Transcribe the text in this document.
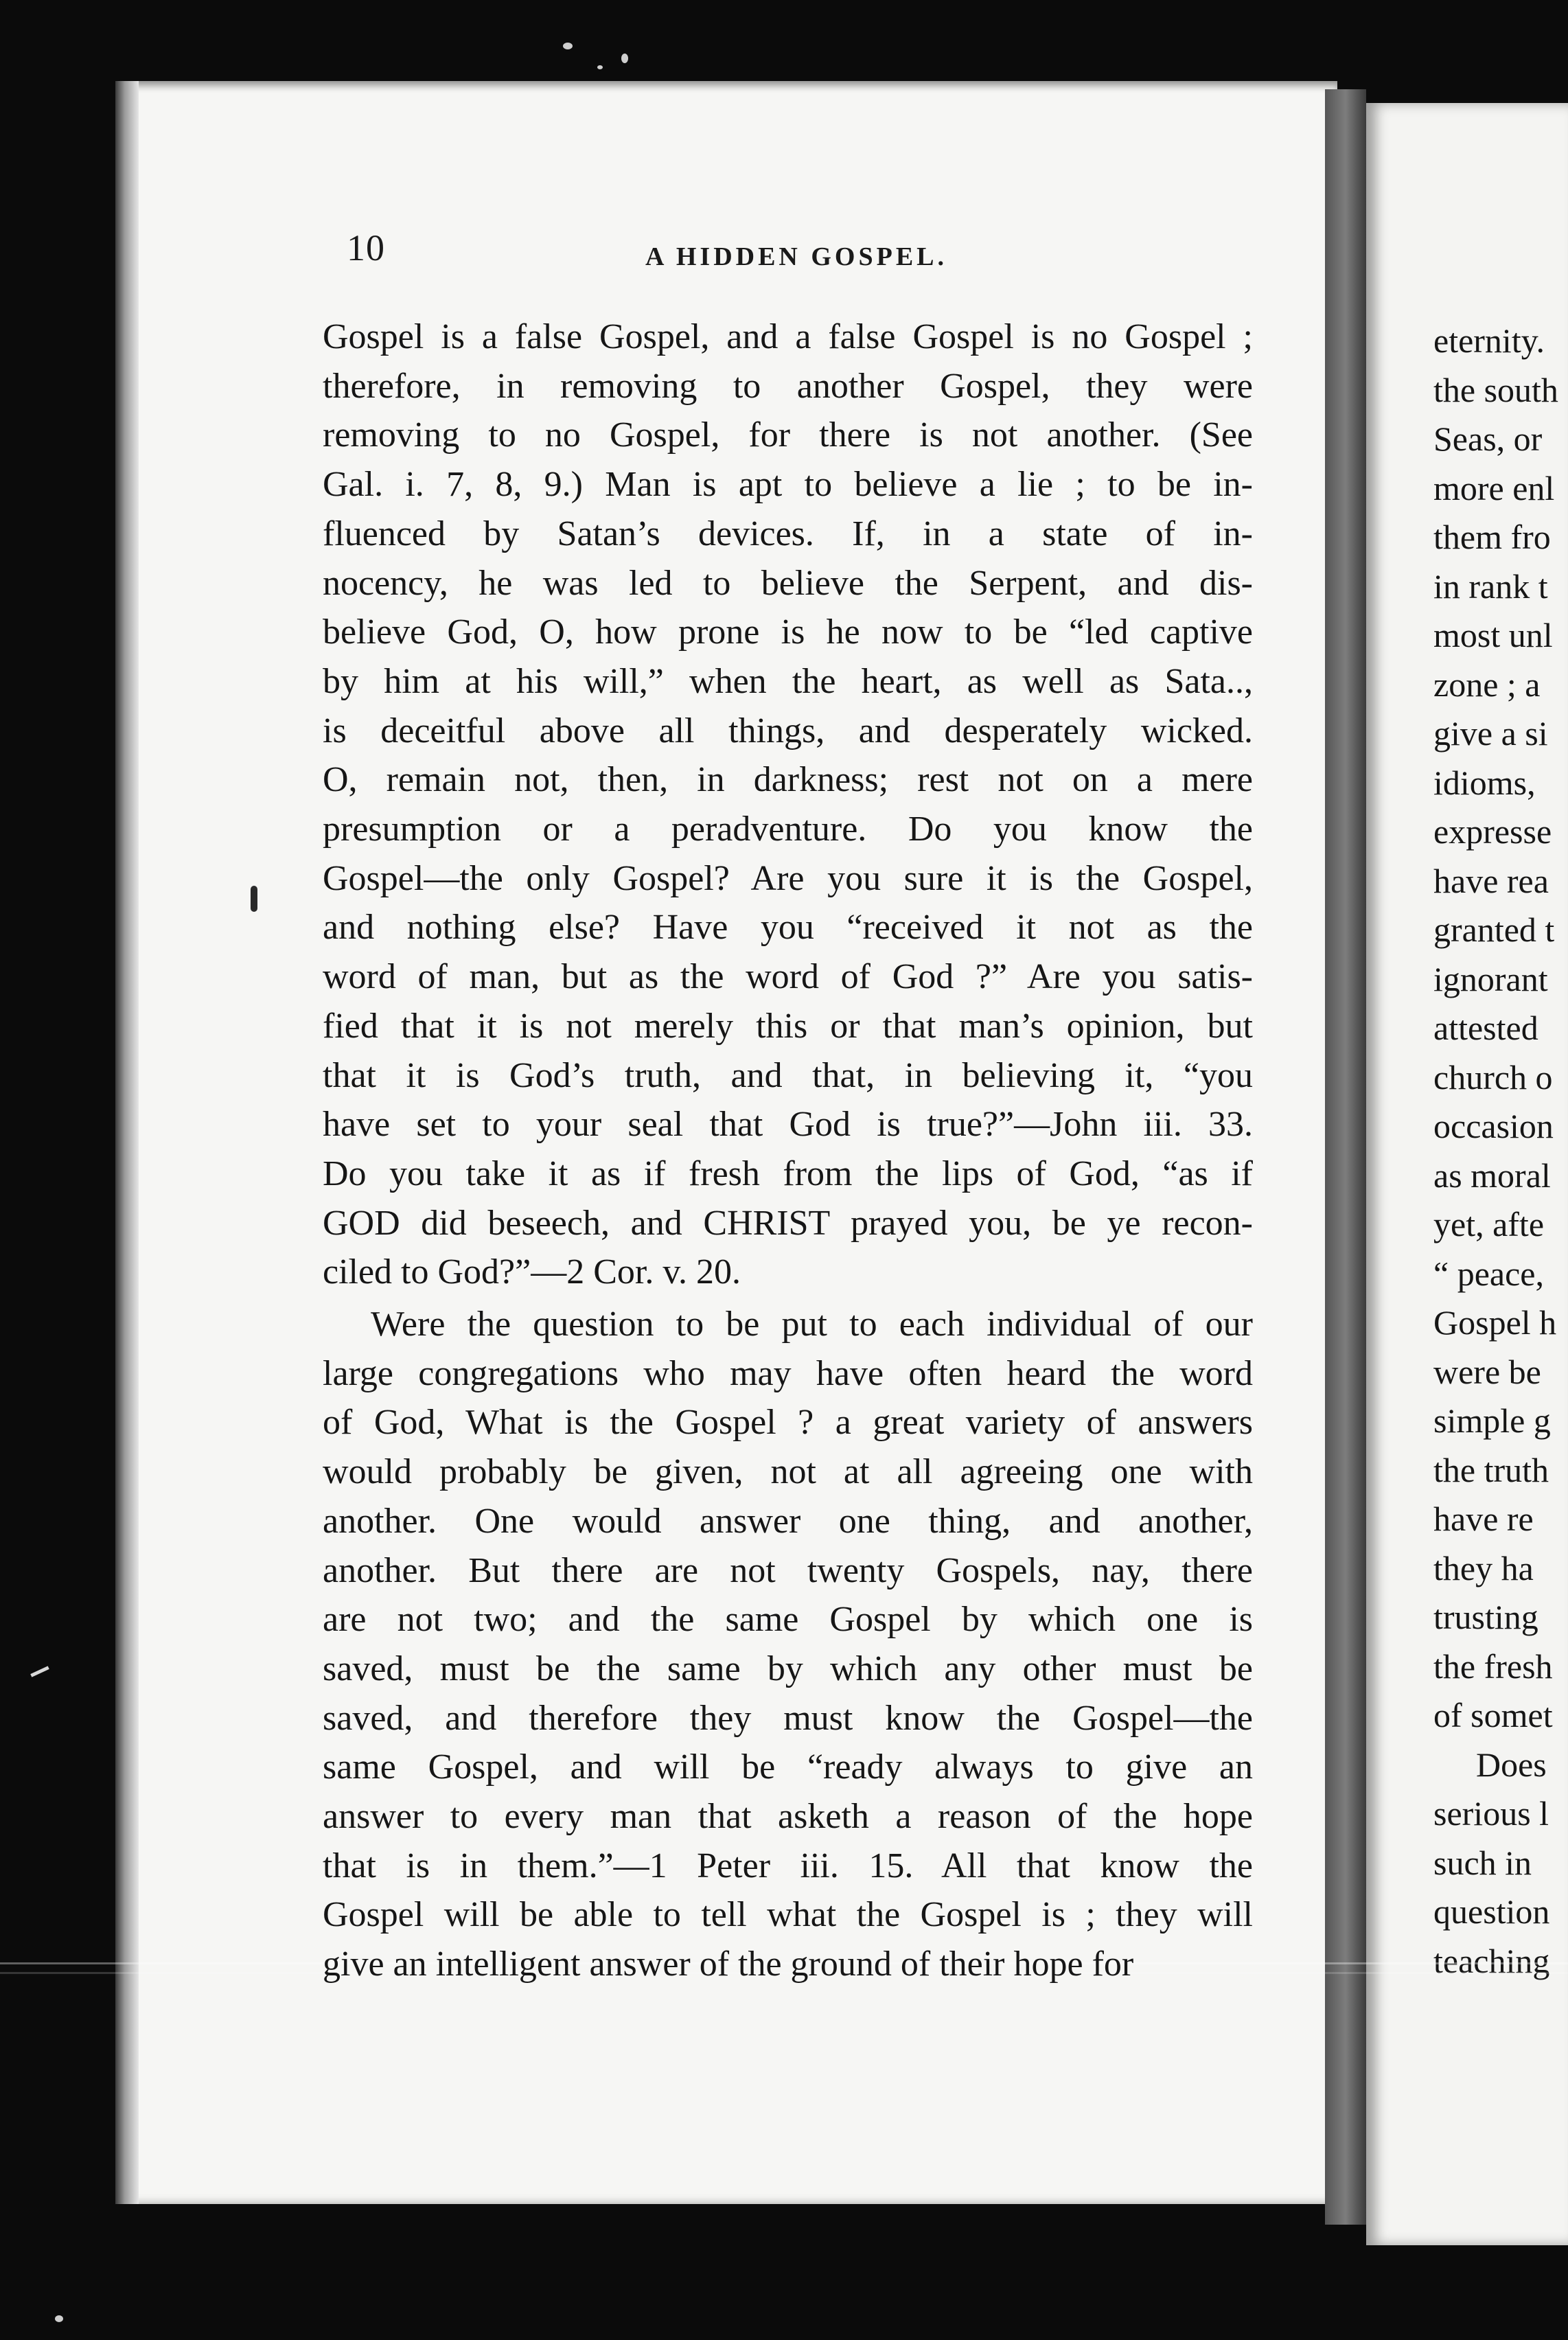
eternity.
the south
Seas, or
more enl
them fro
in rank t
most unl
zone ; a
give a si
idioms,
expresse
have rea
granted t
ignorant
attested
church o
occasion
as moral
yet, afte
“ peace,
Gospel h
were be
simple g
the truth
have re
they ha
trusting
the fresh
of somet
Does
serious l
such in
question
teaching
10	A HIDDEN GOSPEL.
Gospel is a false Gospel, and a false Gospel is no Gospel ;
therefore, in removing to another Gospel, they were
removing to no Gospel, for there is not another. (See
Gal. i. 7, 8, 9.) Man is apt to believe a lie ; to be in-
fluenced by Satan’s devices. If, in a state of in-
nocency, he was led to believe the Serpent, and dis-
believe God, O, how prone is he now to be “led captive
by him at his will,” when the heart, as well as Sata..,
is deceitful above all things, and desperately wicked.
O, remain not, then, in darkness; rest not on a mere
presumption or a peradventure. Do you know the
Gospel—the only Gospel? Are you sure it is the Gospel,
and nothing else? Have you “received it not as the
word of man, but as the word of God ?” Are you satis-
fied that it is not merely this or that man’s opinion, but
that it is God’s truth, and that, in believing it, “you
have set to your seal that God is true?”—John iii. 33.
Do you take it as if fresh from the lips of God, “as if
GOD did beseech, and CHRIST prayed you, be ye recon-
ciled to God?”—2 Cor. v. 20.
Were the question to be put to each individual of our
large congregations who may have often heard the word
of God, What is the Gospel ? a great variety of answers
would probably be given, not at all agreeing one with
another. One would answer one thing, and another,
another. But there are not twenty Gospels, nay, there
are not two; and the same Gospel by which one is
saved, must be the same by which any other must be
saved, and therefore they must know the Gospel—the
same Gospel, and will be “ready always to give an
answer to every man that asketh a reason of the hope
that is in them.”—1 Peter iii. 15. All that know the
Gospel will be able to tell what the Gospel is ; they will
give an intelligent answer of the ground of their hope for
